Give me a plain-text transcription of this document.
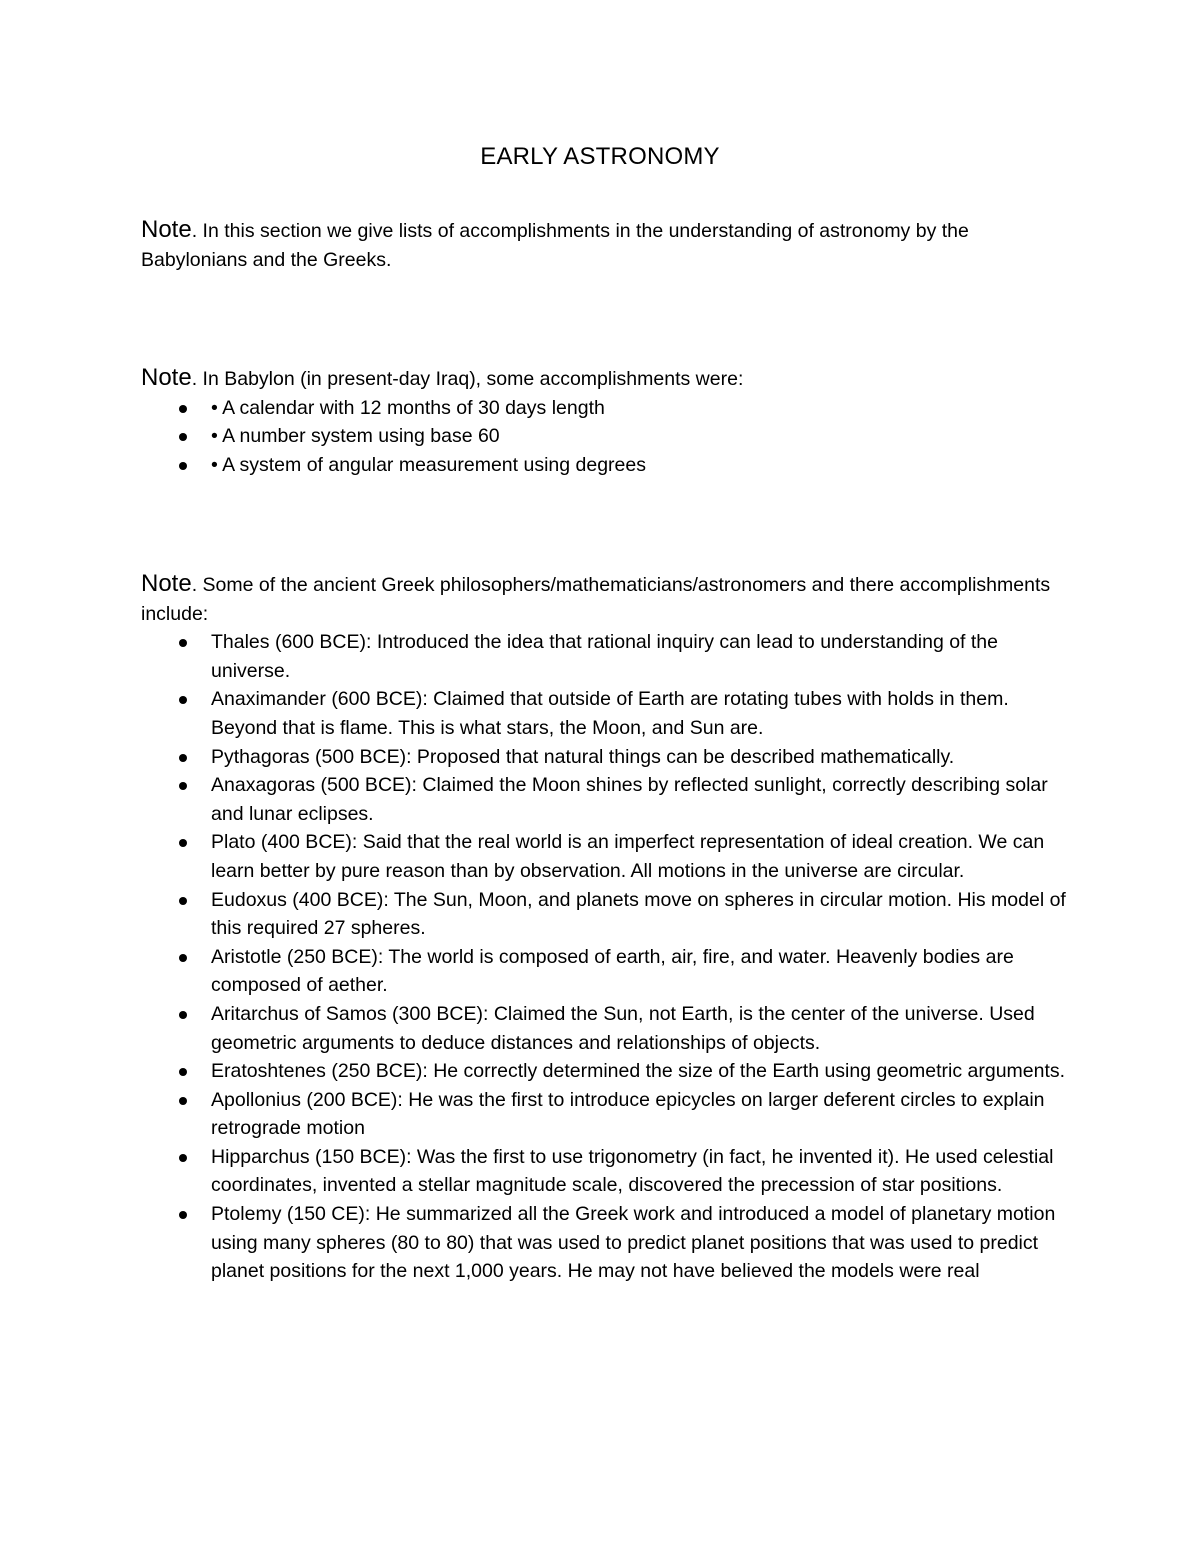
EARLY ASTRONOMY

Note. In this section we give lists of accomplishments in the understanding of astronomy by the Babylonians and the Greeks.

Note. In Babylon (in present-day Iraq), some accomplishments were:

• A calendar with 12 months of 30 days length
• A number system using base 60
• A system of angular measurement using degrees

Note. Some of the ancient Greek philosophers/mathematicians/astronomers and there accomplishments include:

Thales (600 BCE): Introduced the idea that rational inquiry can lead to understanding of the universe.
Anaximander (600 BCE): Claimed that outside of Earth are rotating tubes with holds in them. Beyond that is flame. This is what stars, the Moon, and Sun are.
Pythagoras (500 BCE): Proposed that natural things can be described mathematically.
Anaxagoras (500 BCE): Claimed the Moon shines by reflected sunlight, correctly describing solar and lunar eclipses.
Plato (400 BCE): Said that the real world is an imperfect representation of ideal creation. We can learn better by pure reason than by observation. All motions in the universe are circular.
Eudoxus (400 BCE): The Sun, Moon, and planets move on spheres in circular motion. His model of this required 27 spheres.
Aristotle (250 BCE): The world is composed of earth, air, fire, and water. Heavenly bodies are composed of aether.
Aritarchus of Samos (300 BCE): Claimed the Sun, not Earth, is the center of the universe. Used geometric arguments to deduce distances and relationships of objects.
Eratoshtenes (250 BCE): He correctly determined the size of the Earth using geometric arguments.
Apollonius (200 BCE): He was the first to introduce epicycles on larger deferent circles to explain retrograde motion
Hipparchus (150 BCE): Was the first to use trigonometry (in fact, he invented it). He used celestial coordinates, invented a stellar magnitude scale, discovered the precession of star positions.
Ptolemy (150 CE): He summarized all the Greek work and introduced a model of planetary motion using many spheres (80 to 80) that was used to predict planet positions that was used to predict planet positions for the next 1,000 years. He may not have believed the models were real
